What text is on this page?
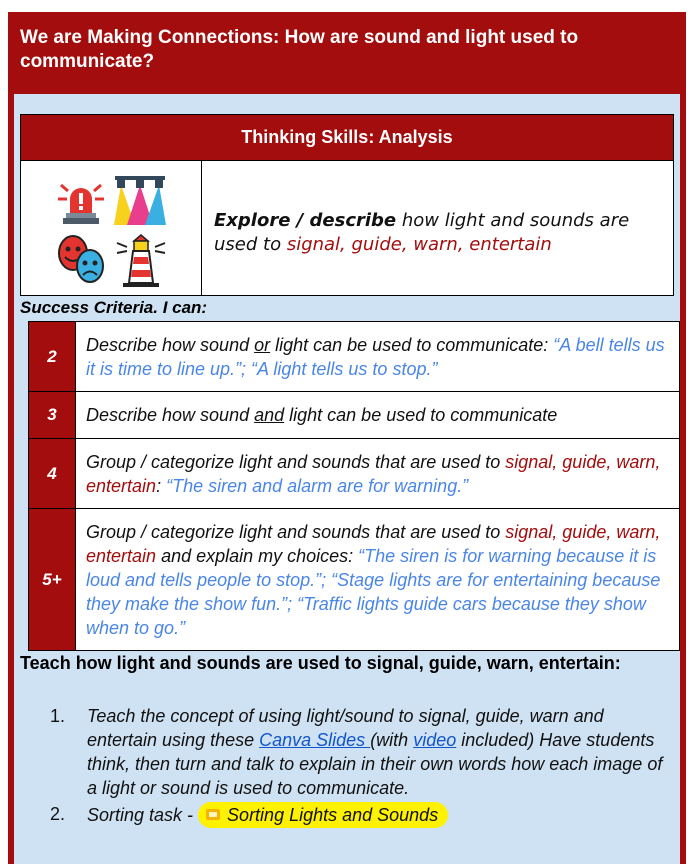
We are Making Connections: How are sound and light used to communicate?
Thinking Skills: Analysis
Explore / describe how light and sounds are used to signal, guide, warn, entertain
Success Criteria. I can:
2	Describe how sound or light can be used to communicate: “A bell tells us it is time to line up.”; “A light tells us to stop.”
3	Describe how sound and light can be used to communicate
4	Group / categorize light and sounds that are used to signal, guide, warn, entertain: “The siren and alarm are for warning.”
5+	Group / categorize light and sounds that are used to signal, guide, warn, entertain and explain my choices: “The siren is for warning because it is loud and tells people to stop.”; “Stage lights are for entertaining because they make the show fun.”; “Traffic lights guide cars because they show when to go.”
Teach how light and sounds are used to signal, guide, warn, entertain:
1.	Teach the concept of using light/sound to signal, guide, warn and entertain using these Canva Slides (with video included) Have students think, then turn and talk to explain in their own words how each image of a light or sound is used to communicate.
2.	Sorting task - Sorting Lights and Sounds
